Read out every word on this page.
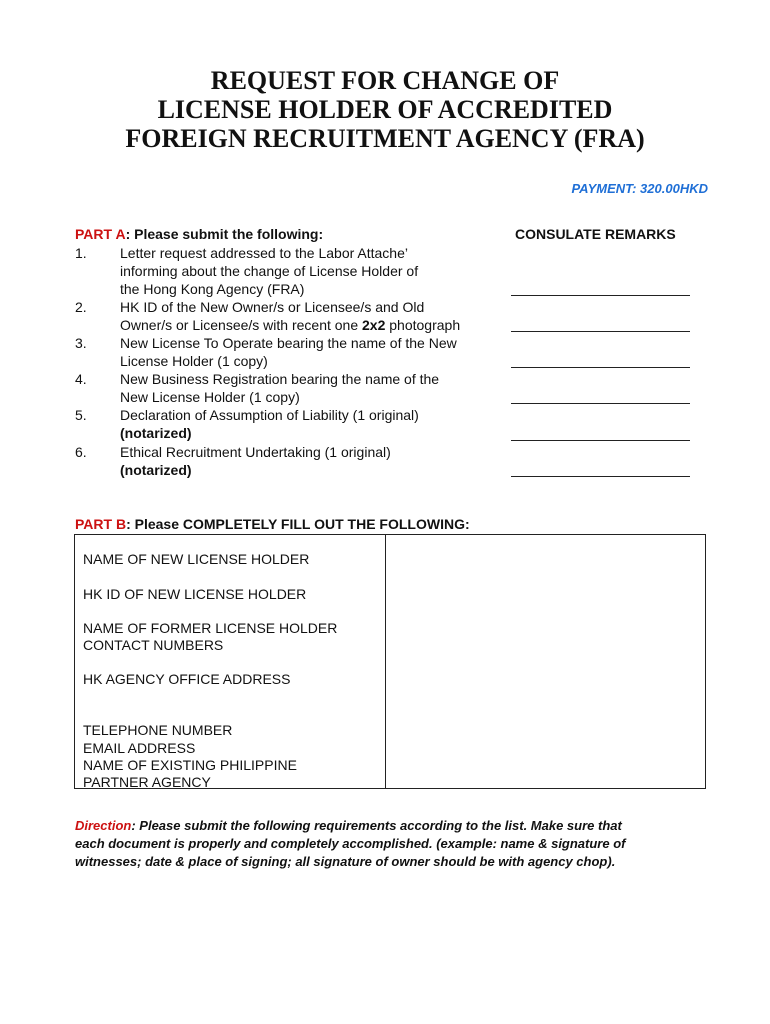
REQUEST FOR CHANGE OF
LICENSE HOLDER OF ACCREDITED
FOREIGN RECRUITMENT AGENCY (FRA)
PAYMENT: 320.00HKD
PART A: Please submit the following:	CONSULATE REMARKS
1. Letter request addressed to the Labor Attache’
informing about the change of License Holder of
the Hong Kong Agency (FRA)
2. HK ID of the New Owner/s or Licensee/s and Old
Owner/s or Licensee/s with recent one 2x2 photograph
3. New License To Operate bearing the name of the New
License Holder (1 copy)
4. New Business Registration bearing the name of the
New License Holder (1 copy)
5. Declaration of Assumption of Liability (1 original)
(notarized)
6. Ethical Recruitment Undertaking (1 original)
(notarized)
PART B: Please COMPLETELY FILL OUT THE FOLLOWING:
NAME OF NEW LICENSE HOLDER
HK ID OF NEW LICENSE HOLDER
NAME OF FORMER LICENSE HOLDER
CONTACT NUMBERS
HK AGENCY OFFICE ADDRESS
TELEPHONE NUMBER
EMAIL ADDRESS
NAME OF EXISTING PHILIPPINE
PARTNER AGENCY
Direction: Please submit the following requirements according to the list. Make sure that
each document is properly and completely accomplished. (example: name & signature of
witnesses; date & place of signing; all signature of owner should be with agency chop).
